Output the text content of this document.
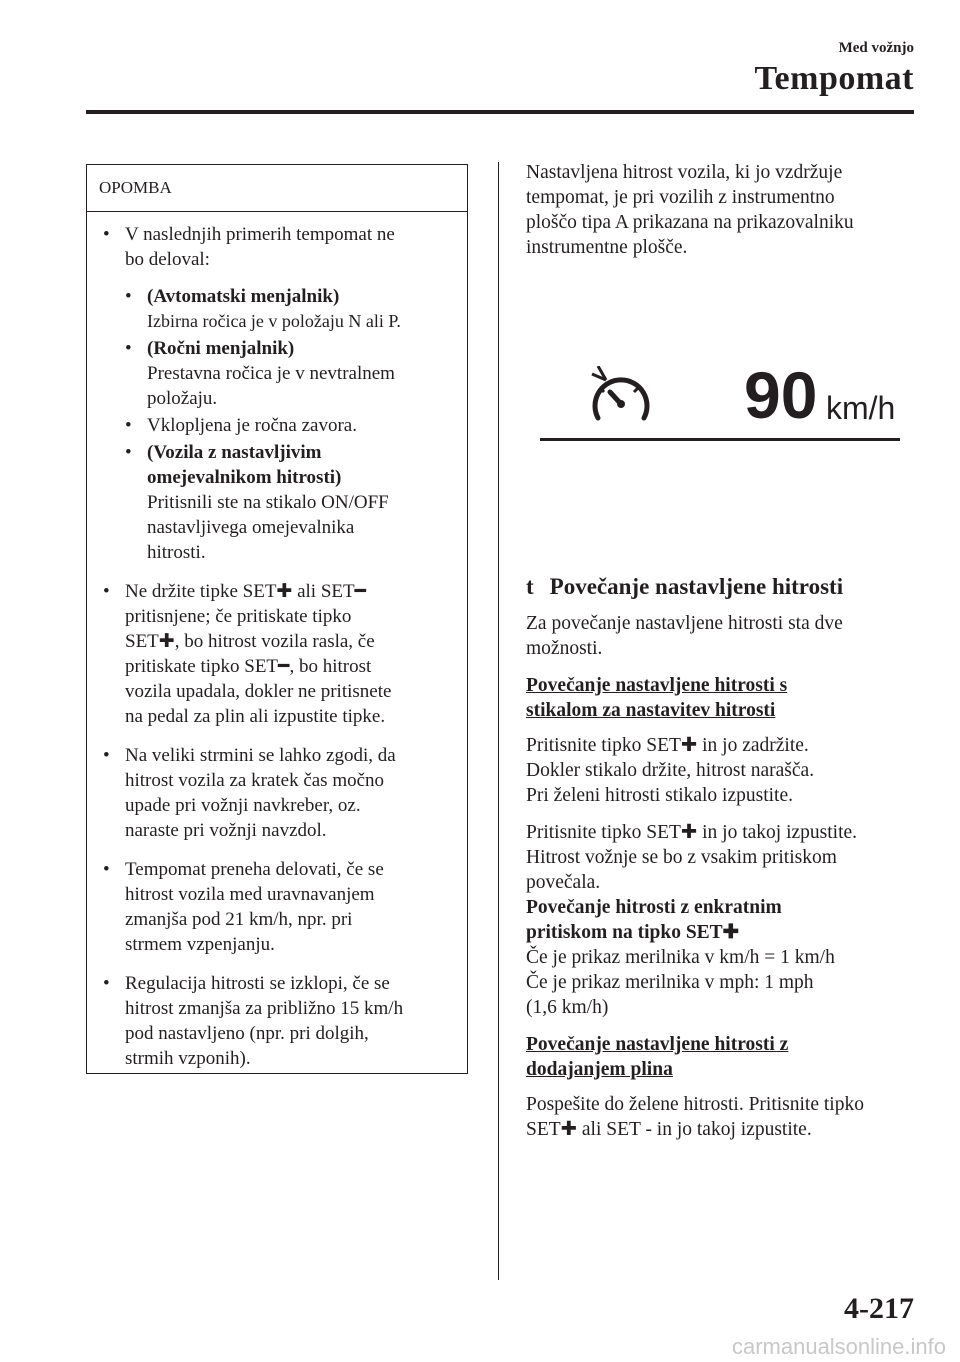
Med vožnjo
Tempomat
OPOMBA
• V naslednjih primerih tempomat ne
bo deloval:
• (Avtomatski menjalnik)
Izbirna ročica je v položaju N ali P.
• (Ročni menjalnik)
Prestavna ročica je v nevtralnem
položaju.
• Vklopljena je ročna zavora.
• (Vozila z nastavljivim
omejevalnikom hitrosti)
Pritisnili ste na stikalo ON/OFF
nastavljivega omejevalnika
hitrosti.
• Ne držite tipke SET✚ ali SET━
pritisnjene; če pritiskate tipko
SET✚, bo hitrost vozila rasla, če
pritiskate tipko SET━, bo hitrost
vozila upadala, dokler ne pritisnete
na pedal za plin ali izpustite tipke.
• Na veliki strmini se lahko zgodi, da
hitrost vozila za kratek čas močno
upade pri vožnji navkreber, oz.
naraste pri vožnji navzdol.
• Tempomat preneha delovati, če se
hitrost vozila med uravnavanjem
zmanjša pod 21 km/h, npr. pri
strmem vzpenjanju.
• Regulacija hitrosti se izklopi, če se
hitrost zmanjša za približno 15 km/h
pod nastavljeno (npr. pri dolgih,
strmih vzponih).
90 km/h
Nastavljena hitrost vozila, ki jo vzdržuje
tempomat, je pri vozilih z instrumentno
ploščo tipa A prikazana na prikazovalniku
instrumentne plošče.
t Povečanje nastavljene hitrosti
Za povečanje nastavljene hitrosti sta dve
možnosti.
Povečanje nastavljene hitrosti s
stikalom za nastavitev hitrosti
Pritisnite tipko SET✚ in jo zadržite.
Dokler stikalo držite, hitrost narašča.
Pri želeni hitrosti stikalo izpustite.
Pritisnite tipko SET✚ in jo takoj izpustite.
Hitrost vožnje se bo z vsakim pritiskom
povečala.
Povečanje hitrosti z enkratnim
pritiskom na tipko SET✚
Če je prikaz merilnika v km/h = 1 km/h
Če je prikaz merilnika v mph: 1 mph
(1,6 km/h)
Povečanje nastavljene hitrosti z
dodajanjem plina
Pospešite do želene hitrosti. Pritisnite tipko
SET✚ ali SET - in jo takoj izpustite.
4-217
carmanualsonline.info
